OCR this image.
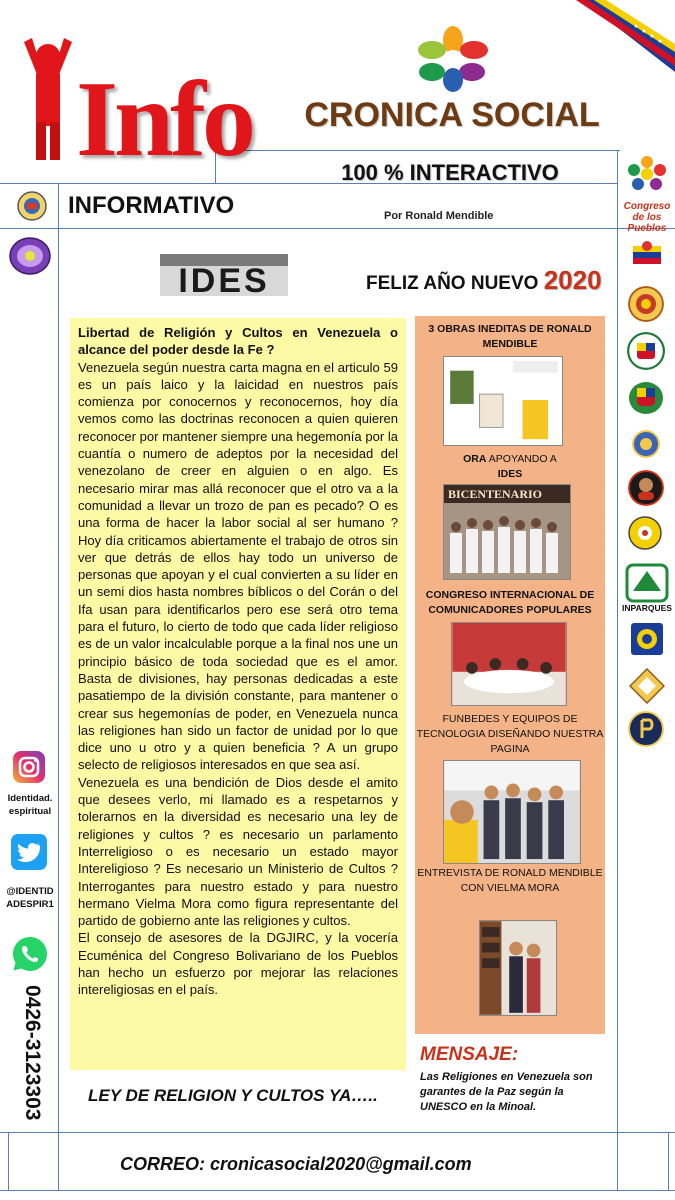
Info	CRONICA SOCIAL
100 % INTERACTIVO
INFORMATIVO	Por Ronald Mendible
Identidad. espiritual
@IDENTID ADESPIR1
0426-3123303
Congreso de los Pueblos
INPARQUES
IDES	FELIZ AÑO NUEVO 2020

Libertad de Religión y Cultos en Venezuela o alcance del poder desde la Fe ?

Venezuela según nuestra carta magna en el articulo 59 es un país laico y la laicidad en nuestros país comienza por conocernos y reconocernos, hoy día vemos como las doctrinas reconocen a quien quieren reconocer por mantener siempre una hegemonía por la cuantía o numero de adeptos por la necesidad del venezolano de creer en alguien o en algo. Es necesario mirar mas allá reconocer que el otro va a la comunidad a llevar un trozo de pan es pecado? O es una forma de hacer la labor social al ser humano ? Hoy día criticamos abiertamente el trabajo de otros sin ver que detrás de ellos hay todo un universo de personas que apoyan y el cual convierten a su líder en un semi dios hasta nombres bíblicos o del Corán o del Ifa usan para identificarlos pero ese será otro tema para el futuro, lo cierto de todo que cada líder religioso es de un valor incalculable porque a la final nos une un principio básico de toda sociedad que es el amor. Basta de divisiones, hay personas dedicadas a este pasatiempo de la división constante, para mantener o crear sus hegemonías de poder, en Venezuela nunca las religiones han sido un factor de unidad por lo que dice uno u otro y a quien beneficia ? A un grupo selecto de religiosos interesados en que sea así.

Venezuela es una bendición de Dios desde el amito que desees verlo, mi llamado es a respetarnos y tolerarnos en la diversidad es necesario una ley de religiones y cultos ? es necesario un parlamento Interreligioso o es necesario un estado mayor Intereligioso ? Es necesario un Ministerio de Cultos ? Interrogantes para nuestro estado y para nuestro hermano Vielma Mora como figura representante del partido de gobierno ante las religiones y cultos.

El consejo de asesores de la DGJIRC, y la vocería Ecuménica del Congreso Bolivariano de los Pueblos han hecho un esfuerzo por mejorar las relaciones intereligiosas en el país.

3 OBRAS INEDITAS DE RONALD MENDIBLE
ORA APOYANDO A
IDES
BICENTENARIO
CONGRESO INTERNACIONAL DE COMUNICADORES POPULARES
FUNBEDES Y EQUIPOS DE TECNOLOGIA DISEÑANDO NUESTRA PAGINA
ENTREVISTA DE RONALD MENDIBLE CON VIELMA MORA
MENSAJE:
Las Religiones en Venezuela son garantes de la Paz según la UNESCO en la Minoal.
LEY DE RELIGION Y CULTOS YA…..
CORREO: cronicasocial2020@gmail.com
